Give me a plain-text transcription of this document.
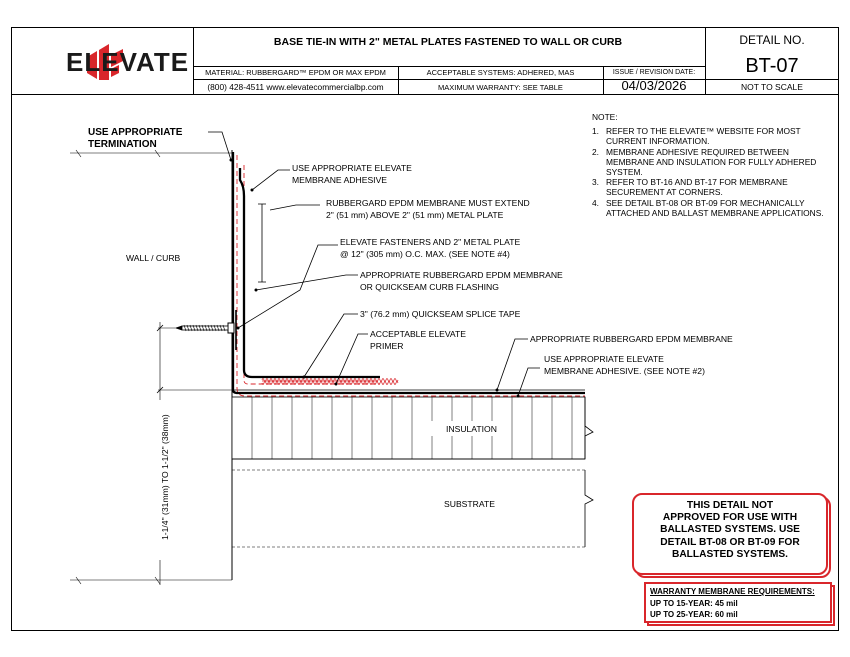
ELEVATE
BASE TIE-IN WITH 2" METAL PLATES FASTENED TO WALL OR CURB
MATERIAL: RUBBERGARD™ EPDM OR MAX EPDM	ACCEPTABLE SYSTEMS: ADHERED, MAS	ISSUE / REVISION DATE:
04/03/2026
(800) 428-4511 www.elevatecommercialbp.com	MAXIMUM WARRANTY: SEE TABLE
DETAIL NO.
BT-07
NOT TO SCALE
1-1/4" (31mm) TO 1-1/2" (38mm)
USE APPROPRIATE
TERMINATION
USE APPROPRIATE ELEVATE
MEMBRANE ADHESIVE
RUBBERGARD EPDM MEMBRANE MUST EXTEND
2" (51 mm) ABOVE 2" (51 mm) METAL PLATE
ELEVATE FASTENERS AND 2" METAL PLATE
@ 12" (305 mm) O.C. MAX. (SEE NOTE #4)
APPROPRIATE RUBBERGARD EPDM MEMBRANE
OR QUICKSEAM CURB FLASHING
3" (76.2 mm) QUICKSEAM SPLICE TAPE
ACCEPTABLE ELEVATE
PRIMER
APPROPRIATE RUBBERGARD EPDM MEMBRANE
USE APPROPRIATE ELEVATE
MEMBRANE ADHESIVE. (SEE NOTE #2)
WALL / CURB
INSULATION
SUBSTRATE
NOTE:
1. REFER TO THE ELEVATE™ WEBSITE FOR MOST CURRENT INFORMATION.
2. MEMBRANE ADHESIVE REQUIRED BETWEEN MEMBRANE AND INSULATION FOR FULLY ADHERED SYSTEM.
3. REFER TO BT-16 AND BT-17 FOR MEMBRANE SECUREMENT AT CORNERS.
4. SEE DETAIL BT-08 OR BT-09 FOR MECHANICALLY ATTACHED AND BALLAST MEMBRANE APPLICATIONS.
THIS DETAIL NOT
APPROVED FOR USE WITH
BALLASTED SYSTEMS. USE
DETAIL BT-08 OR BT-09 FOR
BALLASTED SYSTEMS.
WARRANTY MEMBRANE REQUIREMENTS:
UP TO 15-YEAR: 45 mil
UP TO 25-YEAR: 60 mil
